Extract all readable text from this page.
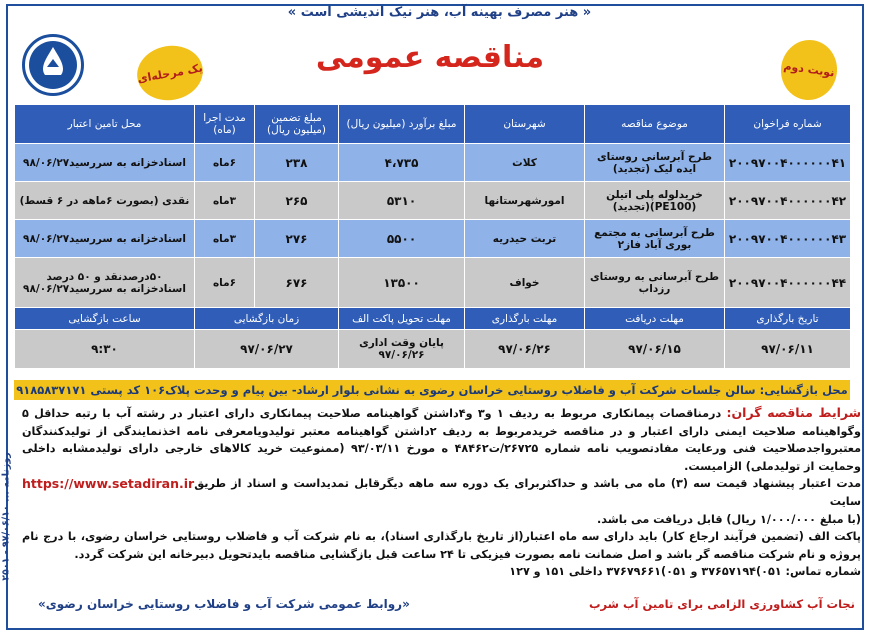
« هنر مصرف بهینه آب، هنر نیک اندیشی است »
یک مرحله‌ای	مناقصه عمومی	نوبت دوم
شماره فراخوان	موضوع مناقصه	شهرستان	مبلغ برآورد (میلیون ریال)	مبلغ تضمین (میلیون ریال)	مدت اجرا (ماه)	محل تامین اعتبار
۲۰۰۹۷۰۰۴۰۰۰۰۰۰۴۱	طرح آبرسانی روستای ایده لیک (تجدید)	کلات	۴،۷۳۵	۲۳۸	۶ماه	اسنادخزانه به سررسید۹۸/۰۶/۲۷
۲۰۰۹۷۰۰۴۰۰۰۰۰۰۴۲	خریدلوله پلی اتیلن (PE100)(تجدید)	امورشهرستانها	۵۳۱۰	۲۶۵	۳ماه	نقدی (بصورت ۶ماهه در ۶ قسط)
۲۰۰۹۷۰۰۴۰۰۰۰۰۰۴۳	طرح آبرسانی به مجتمع بوری آباد فاز۲	تربت حیدریه	۵۵۰۰	۲۷۶	۳ماه	اسنادخزانه به سررسید۹۸/۰۶/۲۷
۲۰۰۹۷۰۰۴۰۰۰۰۰۰۴۴	طرح آبرسانی به روستای رزداب	خواف	۱۳۵۰۰	۶۷۶	۶ماه	۵۰درصدنقد و ۵۰ درصد اسنادخزانه به سررسید۹۸/۰۶/۲۷
تاریخ بارگذاری	مهلت دریافت	مهلت بارگذاری	مهلت تحویل پاکت الف	زمان بازگشایی		ساعت بازگشایی
۹۷/۰۶/۱۱	۹۷/۰۶/۱۵	۹۷/۰۶/۲۶	پایان وقت اداری ۹۷/۰۶/۲۶	۹۷/۰۶/۲۷		۹:۳۰
محل بازگشایی: سالن جلسات شرکت آب و فاضلاب روستایی خراسان رضوی به نشانی بلوار ارشاد- بین پیام و وحدت پلاک۱۰۶ کد پستی ۹۱۸۵۸۳۷۱۷۱

شرایط مناقصه گران: درمناقصات پیمانکاری مربوط به ردیف ۱ و۳ و۴داشتن گواهینامه صلاحیت پیمانکاری دارای اعتبار در رشته آب با رتبه حداقل ۵ وگواهینامه صلاحیت ایمنی دارای اعتبار و در مناقصه خریدمربوط به ردیف ۲داشتن گواهینامه معتبر تولیدویامعرفی نامه اخذنمایندگی از تولیدکنندگان معتبرواجدصلاحیت فنی ورعایت مفادتصویب نامه شماره ۲۶۷۲۵/ت۴۸۴۶۲ ه مورخ ۹۳/۰۳/۱۱ (ممنوعیت خرید کالاهای خارجی دارای تولیدمشابه داخلی وحمایت از تولیدملی) الزامیست.

https://www.setadiran.ir مدت اعتبار پیشنهاد قیمت سه (۳) ماه می باشد و حداکثربرای یک دوره سه ماهه دیگرقابل تمدیداست و اسناد از طریق سایت

(با مبلغ ۱/۰۰۰/۰۰۰ ریال) قابل دریافت می باشد.

پاکت الف (تضمین فرآیند ارجاع کار) باید دارای سه ماه اعتبار(از تاریخ بارگذاری اسناد)، به نام شرکت آب و فاضلاب روستایی خراسان رضوی، با درج نام پروژه و نام شرکت مناقصه گر باشد و اصل ضمانت نامه بصورت فیزیکی تا ۲۴ ساعت قبل بازگشایی مناقصه بایدتحویل دبیرخانه این شرکت گردد.

شماره تماس: ۰۵۱)۳۷۶۵۷۱۹۴ و ۰۵۱)۳۷۶۷۹۶۶۱ داخلی ۱۵۱ و ۱۲۷

نجات آب کشاورزی الزامی برای تامین آب شرب
«روابط عمومی شرکت آب و فاضلاب روستایی خراسان رضوی»
روزنامه ... ۹۷/۰۶/۱۰ - ۲۵۰۱
